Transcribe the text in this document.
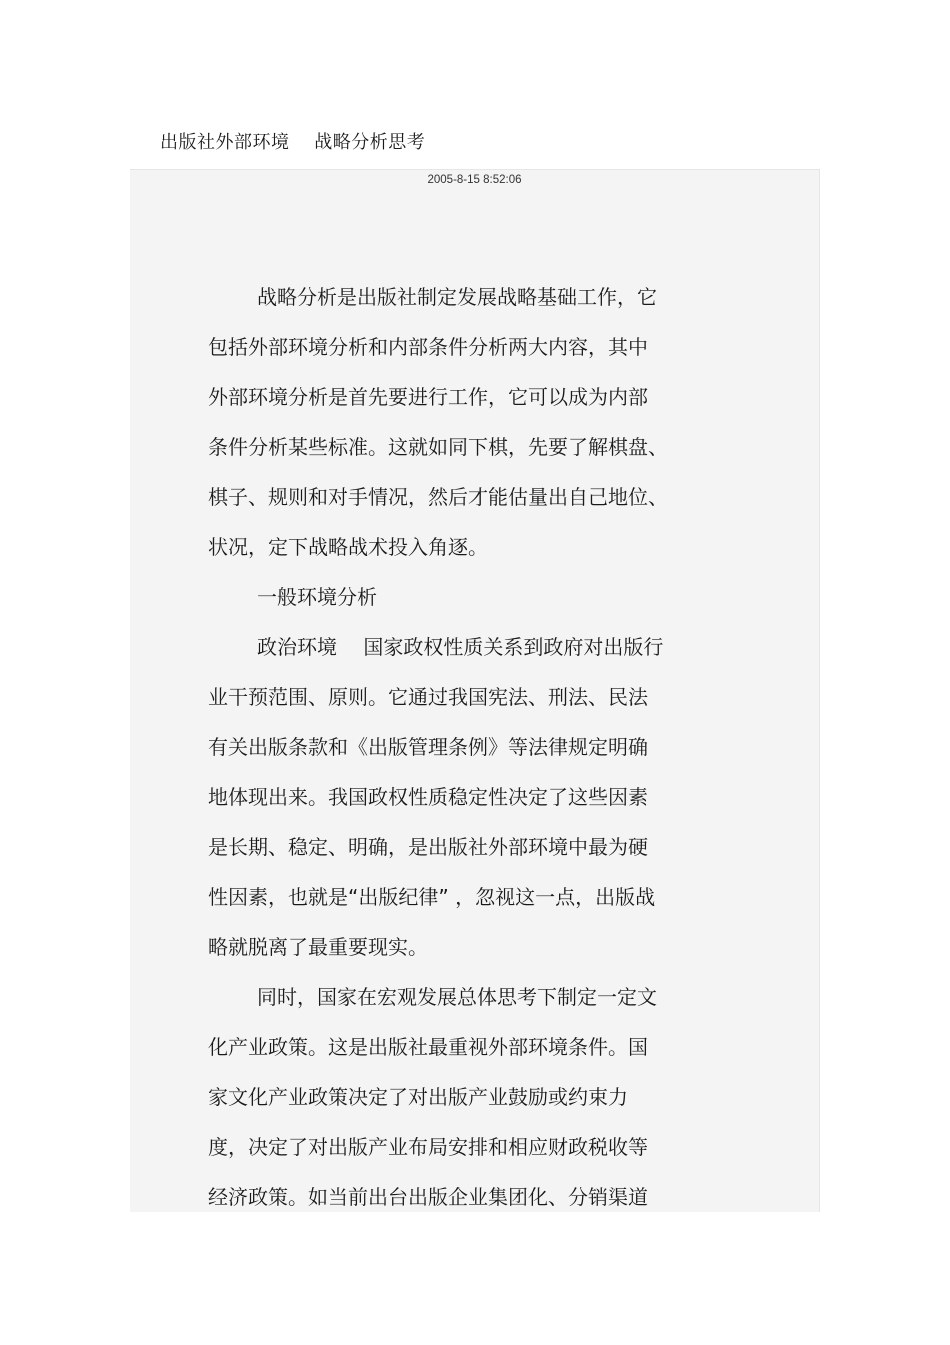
出版社外部环境　 战略分析思考
2005-8-15 8:52:06
战略分析是出版社制定发展战略基础工作，它
包括外部环境分析和内部条件分析两大内容，其中
外部环境分析是首先要进行工作，它可以成为内部
条件分析某些标准。这就如同下棋，先要了解棋盘、
棋子、规则和对手情况，然后才能估量出自己地位、
状况，定下战略战术投入角逐。
一般环境分析
政治环境　 国家政权性质关系到政府对出版行
业干预范围、原则。它通过我国宪法、刑法、民法
有关出版条款和《出版管理条例》等法律规定明确
地体现出来。我国政权性质稳定性决定了这些因素
是长期、稳定、明确，是出版社外部环境中最为硬
性因素，也就是“出版纪律” ，忽视这一点，出版战
略就脱离了最重要现实。
同时，国家在宏观发展总体思考下制定一定文
化产业政策。这是出版社最重视外部环境条件。国
家文化产业政策决定了对出版产业鼓励或约束力
度，决定了对出版产业布局安排和相应财政税收等
经济政策。如当前出台出版企业集团化、分销渠道
